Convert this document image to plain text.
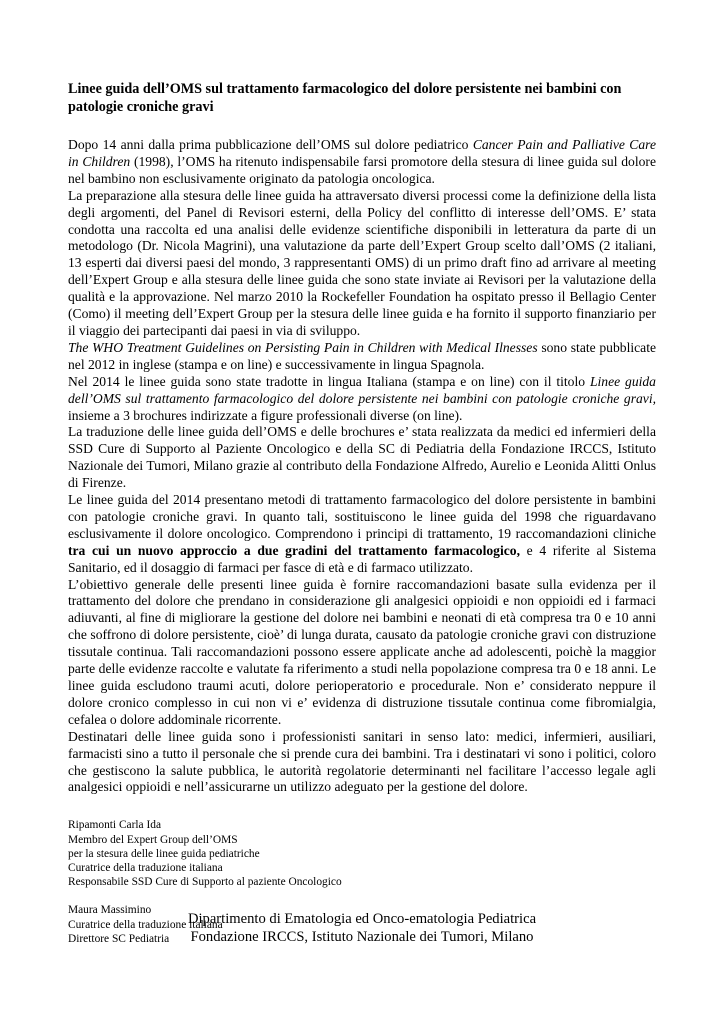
Linee guida dell’OMS sul trattamento farmacologico del dolore persistente nei bambini con patologie croniche gravi

Dopo 14 anni dalla prima pubblicazione dell’OMS sul dolore pediatrico Cancer Pain and Palliative Care in Children (1998), l’OMS ha ritenuto indispensabile farsi promotore della stesura di linee guida sul dolore nel bambino non esclusivamente originato da patologia oncologica.

La preparazione alla stesura delle linee guida ha attraversato diversi processi come la definizione della lista degli argomenti, del Panel di Revisori esterni, della Policy del conflitto di interesse dell’OMS. E’ stata condotta una raccolta ed una analisi delle evidenze scientifiche disponibili in letteratura da parte di un metodologo (Dr. Nicola Magrini), una valutazione da parte dell’Expert Group scelto dall’OMS (2 italiani, 13 esperti dai diversi paesi del mondo, 3 rappresentanti OMS) di un primo draft fino ad arrivare al meeting dell’Expert Group e alla stesura delle linee guida che sono state inviate ai Revisori per la valutazione della qualità e la approvazione. Nel marzo 2010 la Rockefeller Foundation ha ospitato presso il Bellagio Center (Como) il meeting dell’Expert Group per la stesura delle linee guida e ha fornito il supporto finanziario per il viaggio dei partecipanti dai paesi in via di sviluppo.

The WHO Treatment Guidelines on Persisting Pain in Children with Medical Ilnesses sono state pubblicate nel 2012 in inglese (stampa e on line) e successivamente in lingua Spagnola.

Nel 2014 le linee guida sono state tradotte in lingua Italiana (stampa e on line) con il titolo Linee guida dell’OMS sul trattamento farmacologico del dolore persistente nei bambini con patologie croniche gravi, insieme a 3 brochures indirizzate a figure professionali diverse (on line).

La traduzione delle linee guida dell’OMS e delle brochures e’ stata realizzata da medici ed infermieri della SSD Cure di Supporto al Paziente Oncologico e della SC di Pediatria della Fondazione IRCCS, Istituto Nazionale dei Tumori, Milano grazie al contributo della Fondazione Alfredo, Aurelio e Leonida Alitti Onlus di Firenze.

Le linee guida del 2014 presentano metodi di trattamento farmacologico del dolore persistente in bambini con patologie croniche gravi. In quanto tali, sostituiscono le linee guida del 1998 che riguardavano esclusivamente il dolore oncologico. Comprendono i principi di trattamento, 19 raccomandazioni cliniche tra cui un nuovo approccio a due gradini del trattamento farmacologico, e 4 riferite al Sistema Sanitario, ed il dosaggio di farmaci per fasce di età e di farmaco utilizzato.

L’obiettivo generale delle presenti linee guida è fornire raccomandazioni basate sulla evidenza per il trattamento del dolore che prendano in considerazione gli analgesici oppioidi e non oppioidi ed i farmaci adiuvanti, al fine di migliorare la gestione del dolore nei bambini e neonati di età compresa tra 0 e 10 anni che soffrono di dolore persistente, cioè’ di lunga durata, causato da patologie croniche gravi con distruzione tissutale continua. Tali raccomandazioni possono essere applicate anche ad adolescenti, poichè la maggior parte delle evidenze raccolte e valutate fa riferimento a studi nella popolazione compresa tra 0 e 18 anni. Le linee guida escludono traumi acuti, dolore perioperatorio e procedurale. Non e’ considerato neppure il dolore cronico complesso in cui non vi e’ evidenza di distruzione tissutale continua come fibromialgia, cefalea o dolore addominale ricorrente.

Destinatari delle linee guida sono i professionisti sanitari in senso lato: medici, infermieri, ausiliari, farmacisti sino a tutto il personale che si prende cura dei bambini. Tra i destinatari vi sono i politici, coloro che gestiscono la salute pubblica, le autorità regolatorie determinanti nel facilitare l’accesso legale agli analgesici oppioidi e nell’assicurarne un utilizzo adeguato per la gestione del dolore.

Ripamonti Carla Ida
Membro del Expert Group dell’OMS
per la stesura delle linee guida pediatriche
Curatrice della traduzione italiana
Responsabile SSD Cure di Supporto al paziente Oncologico
Maura Massimino
Curatrice della traduzione italiana
Direttore SC Pediatria
Dipartimento di Ematologia ed Onco-ematologia Pediatrica
Fondazione IRCCS, Istituto Nazionale dei Tumori, Milano
